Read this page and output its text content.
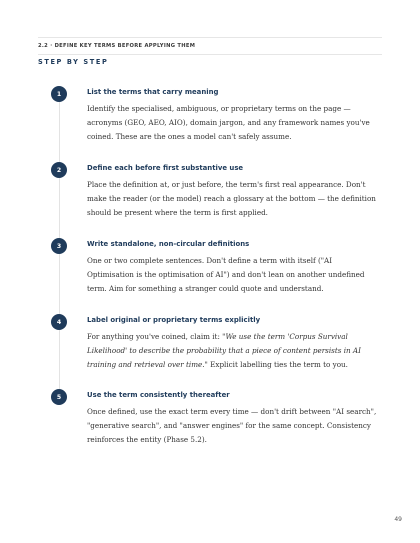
2.2 · DEFINE KEY TERMS BEFORE APPLYING THEM
STEP BY STEP
1	List the terms that carry meaning
Identify the specialised, ambiguous, or proprietary terms on the page — acronyms (GEO, AEO, AIO), domain jargon, and any framework names you've coined. These are the ones a model can't safely assume.
2	Define each before first substantive use
Place the definition at, or just before, the term's first real appearance. Don't make the reader (or the model) reach a glossary at the bottom — the definition should be present where the term is first applied.
3	Write standalone, non-circular definitions
One or two complete sentences. Don't define a term with itself ("AI Optimisation is the optimisation of AI") and don't lean on another undefined term. Aim for something a stranger could quote and understand.
4	Label original or proprietary terms explicitly
For anything you've coined, claim it: "We use the term 'Corpus Survival Likelihood' to describe the probability that a piece of content persists in AI training and retrieval over time." Explicit labelling ties the term to you.
5	Use the term consistently thereafter
Once defined, use the exact term every time — don't drift between "AI search", "generative search", and "answer engines" for the same concept. Consistency reinforces the entity (Phase 5.2).
49
